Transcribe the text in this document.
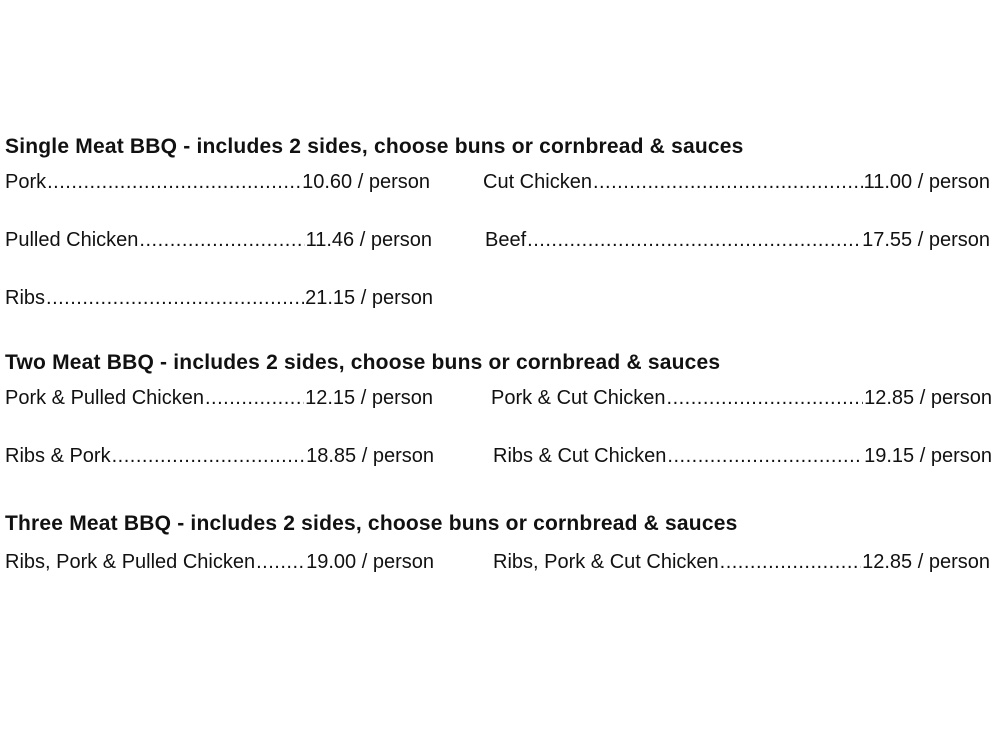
Single Meat BBQ - includes 2 sides, choose buns or cornbread & sauces
Pork .....	10.60 / person	Cut Chicken .....	11.00 / person
Pulled Chicken .....	11.46 / person	Beef .....	17.55 / person
Ribs .....	21.15 / person
Two Meat BBQ - includes 2 sides, choose buns or cornbread & sauces
Pork & Pulled Chicken .....	12.15 / person	Pork & Cut Chicken .....	12.85 / person
Ribs & Pork .....	18.85 / person	Ribs & Cut Chicken .....	19.15 / person
Three Meat BBQ - includes 2 sides, choose buns or cornbread & sauces
Ribs, Pork & Pulled Chicken .....	19.00 / person	Ribs, Pork & Cut Chicken .....	12.85 / person
